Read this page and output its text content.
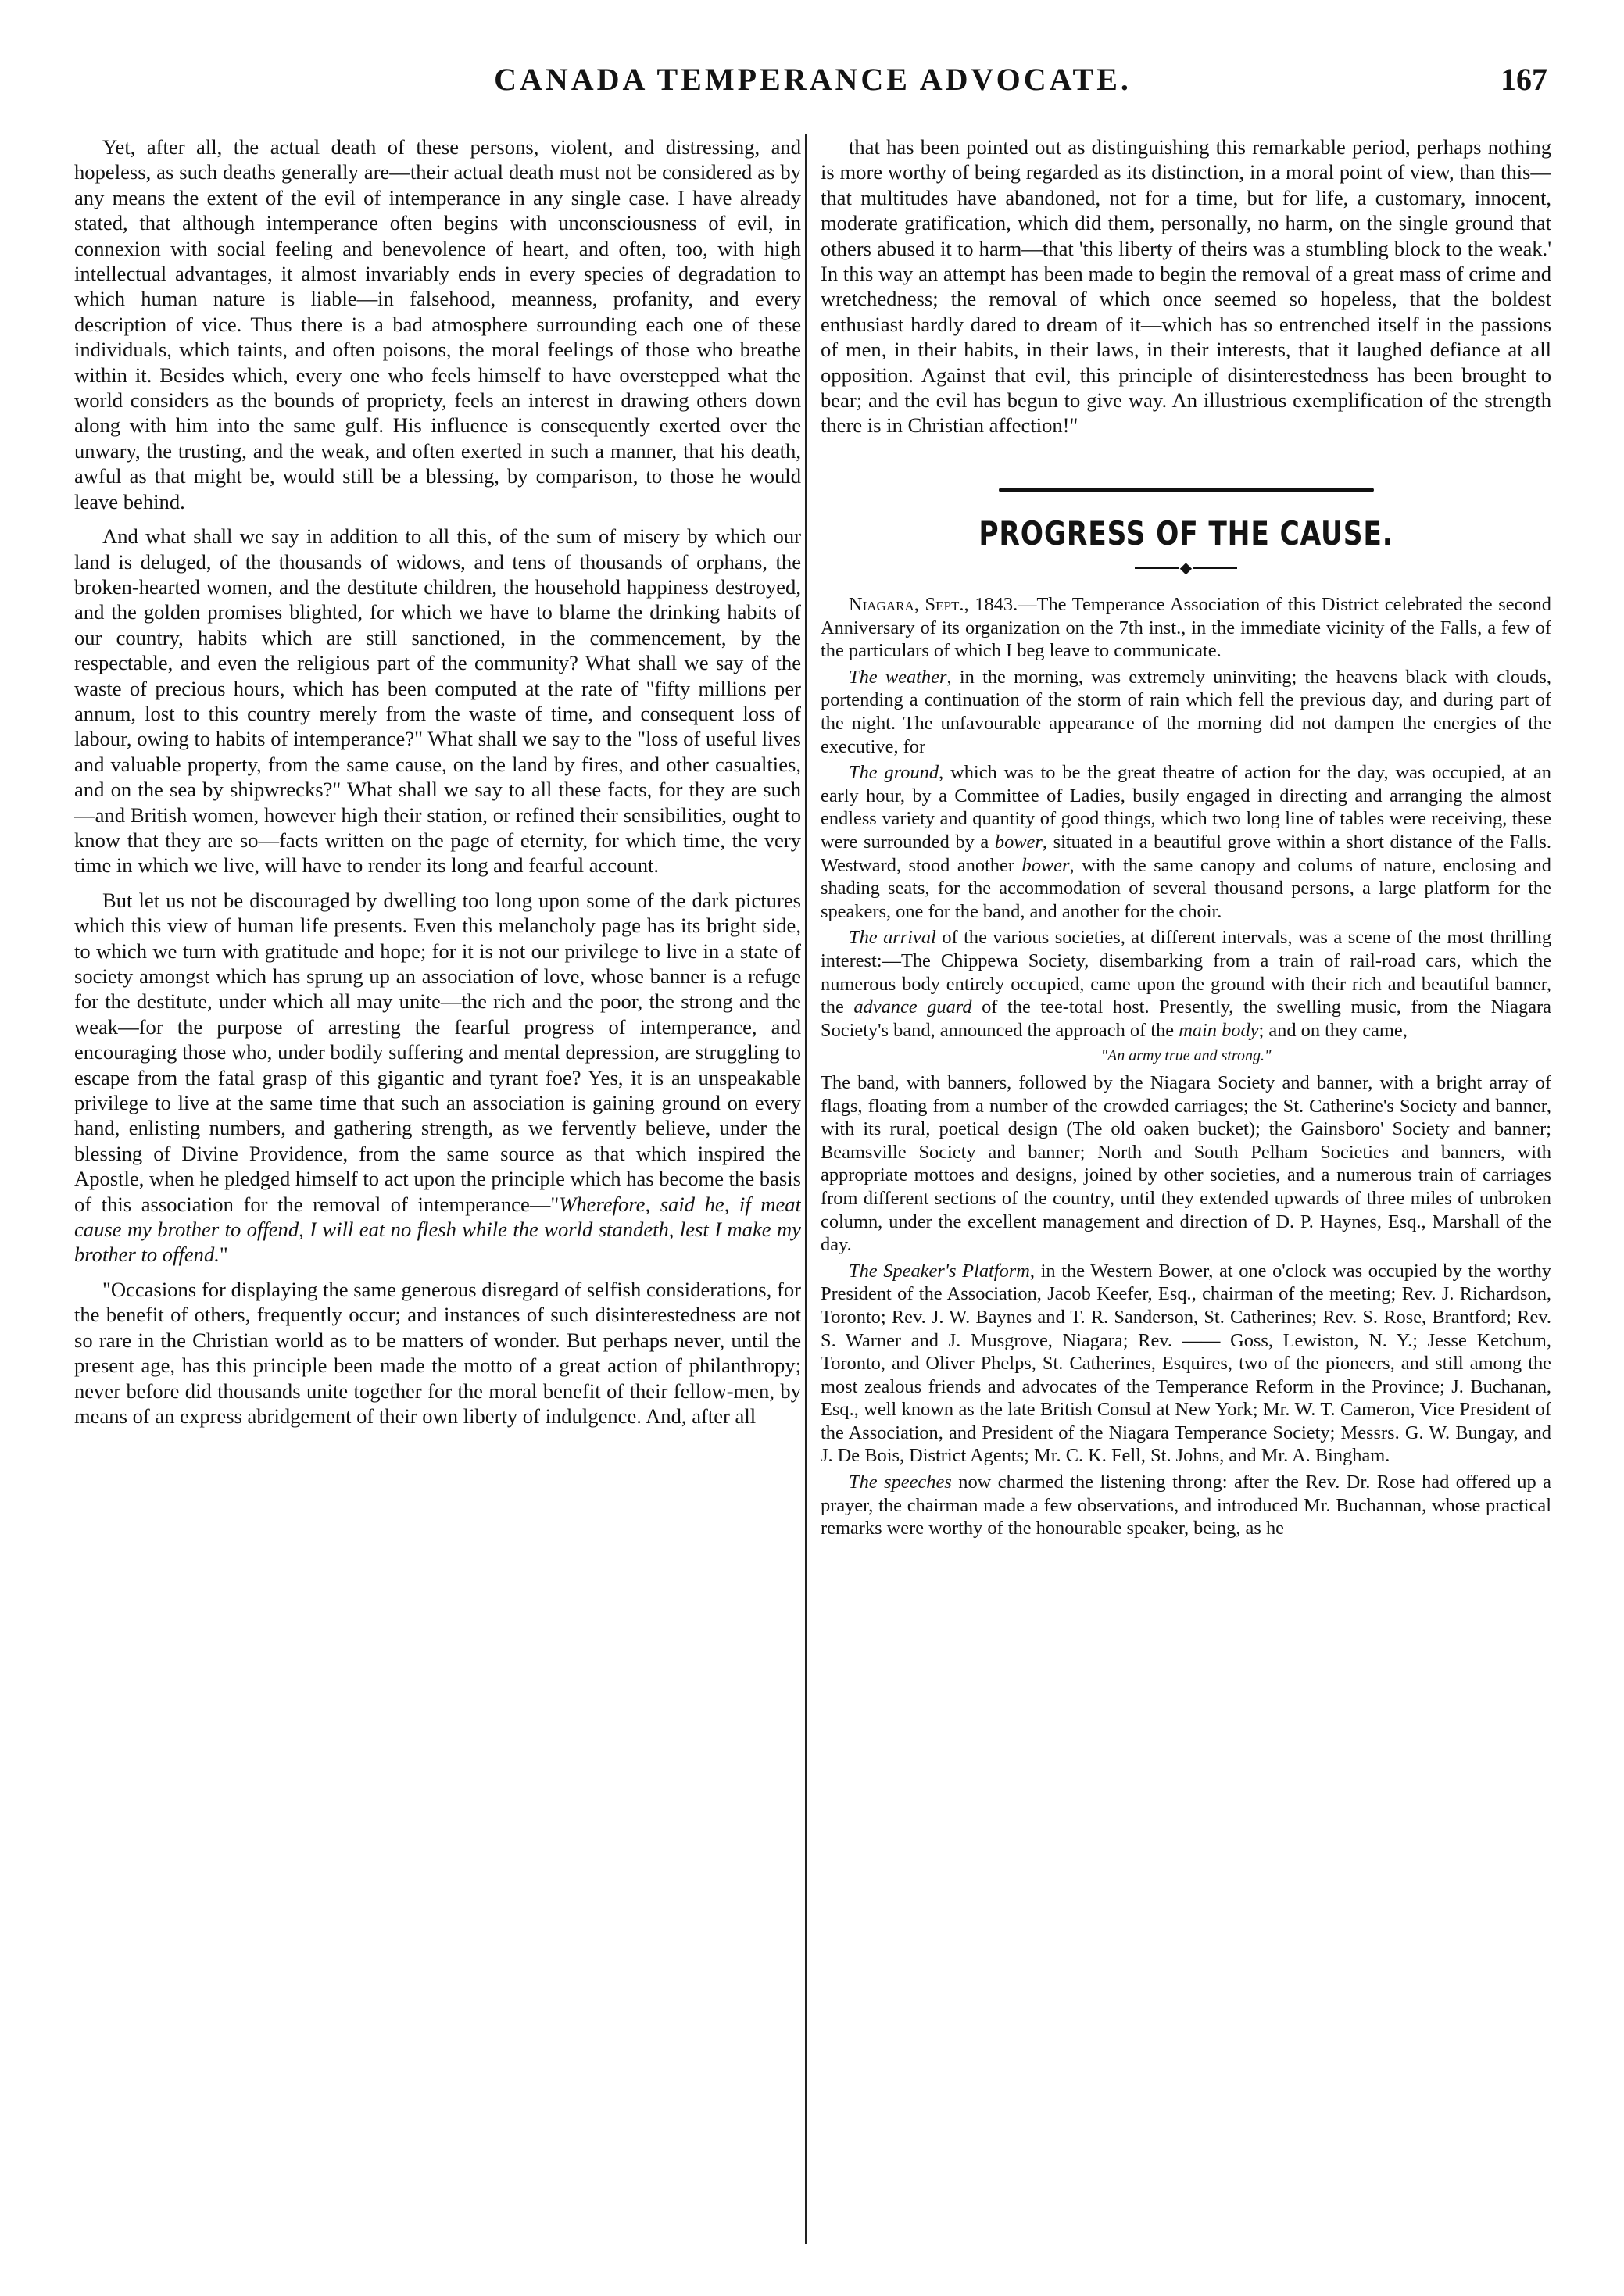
CANADA TEMPERANCE ADVOCATE.	167

Yet, after all, the actual death of these persons, violent, and distressing, and hopeless, as such deaths generally are—their actual death must not be considered as by any means the extent of the evil of intemperance in any single case. I have already stated, that although intemperance often begins with unconsciousness of evil, in connexion with social feeling and benevolence of heart, and often, too, with high intellectual advantages, it almost invariably ends in every species of degradation to which human nature is liable—in falsehood, meanness, profanity, and every description of vice. Thus there is a bad atmosphere surrounding each one of these individuals, which taints, and often poisons, the moral feelings of those who breathe within it. Besides which, every one who feels himself to have overstepped what the world considers as the bounds of propriety, feels an interest in drawing others down along with him into the same gulf. His influence is consequently exerted over the unwary, the trusting, and the weak, and often exerted in such a manner, that his death, awful as that might be, would still be a blessing, by comparison, to those he would leave behind.

And what shall we say in addition to all this, of the sum of misery by which our land is deluged, of the thousands of widows, and tens of thousands of orphans, the broken-hearted women, and the destitute children, the household happiness destroyed, and the golden promises blighted, for which we have to blame the drinking habits of our country, habits which are still sanctioned, in the commencement, by the respectable, and even the religious part of the community? What shall we say of the waste of precious hours, which has been computed at the rate of "fifty millions per annum, lost to this country merely from the waste of time, and consequent loss of labour, owing to habits of intemperance?" What shall we say to the "loss of useful lives and valuable property, from the same cause, on the land by fires, and other casualties, and on the sea by shipwrecks?" What shall we say to all these facts, for they are such—and British women, however high their station, or refined their sensibilities, ought to know that they are so—facts written on the page of eternity, for which time, the very time in which we live, will have to render its long and fearful account.

But let us not be discouraged by dwelling too long upon some of the dark pictures which this view of human life presents. Even this melancholy page has its bright side, to which we turn with gratitude and hope; for it is not our privilege to live in a state of society amongst which has sprung up an association of love, whose banner is a refuge for the destitute, under which all may unite—the rich and the poor, the strong and the weak—for the purpose of arresting the fearful progress of intemperance, and encouraging those who, under bodily suffering and mental depression, are struggling to escape from the fatal grasp of this gigantic and tyrant foe? Yes, it is an unspeakable privilege to live at the same time that such an association is gaining ground on every hand, enlisting numbers, and gathering strength, as we fervently believe, under the blessing of Divine Providence, from the same source as that which inspired the Apostle, when he pledged himself to act upon the principle which has become the basis of this association for the removal of intemperance—"Wherefore, said he, if meat cause my brother to offend, I will eat no flesh while the world standeth, lest I make my brother to offend."

"Occasions for displaying the same generous disregard of selfish considerations, for the benefit of others, frequently occur; and instances of such disinterestedness are not so rare in the Christian world as to be matters of wonder. But perhaps never, until the present age, has this principle been made the motto of a great action of philanthropy; never before did thousands unite together for the moral benefit of their fellow-men, by means of an express abridgement of their own liberty of indulgence. And, after all

that has been pointed out as distinguishing this remarkable period, perhaps nothing is more worthy of being regarded as its distinction, in a moral point of view, than this—that multitudes have abandoned, not for a time, but for life, a customary, innocent, moderate gratification, which did them, personally, no harm, on the single ground that others abused it to harm—that 'this liberty of theirs was a stumbling block to the weak.' In this way an attempt has been made to begin the removal of a great mass of crime and wretchedness; the removal of which once seemed so hopeless, that the boldest enthusiast hardly dared to dream of it—which has so entrenched itself in the passions of men, in their habits, in their laws, in their interests, that it laughed defiance at all opposition. Against that evil, this principle of disinterestedness has been brought to bear; and the evil has begun to give way. An illustrious exemplification of the strength there is in Christian affection!"

PROGRESS OF THE CAUSE.
◆

Niagara, Sept., 1843.—The Temperance Association of this District celebrated the second Anniversary of its organization on the 7th inst., in the immediate vicinity of the Falls, a few of the particulars of which I beg leave to communicate.

The weather, in the morning, was extremely uninviting; the heavens black with clouds, portending a continuation of the storm of rain which fell the previous day, and during part of the night. The unfavourable appearance of the morning did not dampen the energies of the executive, for

The ground, which was to be the great theatre of action for the day, was occupied, at an early hour, by a Committee of Ladies, busily engaged in directing and arranging the almost endless variety and quantity of good things, which two long line of tables were receiving, these were surrounded by a bower, situated in a beautiful grove within a short distance of the Falls. Westward, stood another bower, with the same canopy and colums of nature, enclosing and shading seats, for the accommodation of several thousand persons, a large platform for the speakers, one for the band, and another for the choir.

The arrival of the various societies, at different intervals, was a scene of the most thrilling interest:—The Chippewa Society, disembarking from a train of rail-road cars, which the numerous body entirely occupied, came upon the ground with their rich and beautiful banner, the advance guard of the tee-total host. Presently, the swelling music, from the Niagara Society's band, announced the approach of the main body; and on they came,

"An army true and strong."

The band, with banners, followed by the Niagara Society and banner, with a bright array of flags, floating from a number of the crowded carriages; the St. Catherine's Society and banner, with its rural, poetical design (The old oaken bucket); the Gainsboro' Society and banner; Beamsville Society and banner; North and South Pelham Societies and banners, with appropriate mottoes and designs, joined by other societies, and a numerous train of carriages from different sections of the country, until they extended upwards of three miles of unbroken column, under the excellent management and direction of D. P. Haynes, Esq., Marshall of the day.

The Speaker's Platform, in the Western Bower, at one o'clock was occupied by the worthy President of the Association, Jacob Keefer, Esq., chairman of the meeting; Rev. J. Richardson, Toronto; Rev. J. W. Baynes and T. R. Sanderson, St. Catherines; Rev. S. Rose, Brantford; Rev. S. Warner and J. Musgrove, Niagara; Rev. —— Goss, Lewiston, N. Y.; Jesse Ketchum, Toronto, and Oliver Phelps, St. Catherines, Esquires, two of the pioneers, and still among the most zealous friends and advocates of the Temperance Reform in the Province; J. Buchanan, Esq., well known as the late British Consul at New York; Mr. W. T. Cameron, Vice President of the Association, and President of the Niagara Temperance Society; Messrs. G. W. Bungay, and J. De Bois, District Agents; Mr. C. K. Fell, St. Johns, and Mr. A. Bingham.

The speeches now charmed the listening throng: after the Rev. Dr. Rose had offered up a prayer, the chairman made a few observations, and introduced Mr. Buchannan, whose practical remarks were worthy of the honourable speaker, being, as he
